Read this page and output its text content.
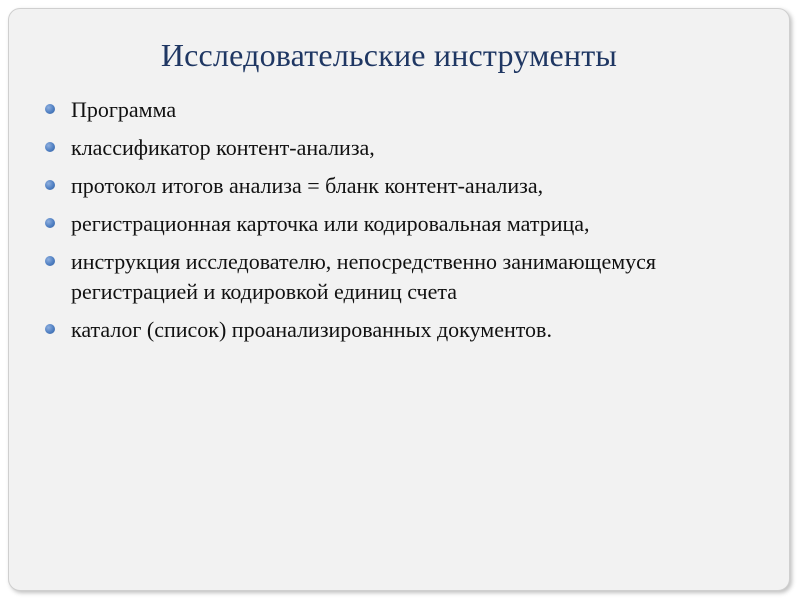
Исследовательские инструменты
Программа
классификатор контент-анализа,
протокол итогов анализа = бланк контент-анализа,
регистрационная карточка или кодировальная матрица,
инструкция исследователю, непосредственно занимающемуся регистрацией и кодировкой единиц счета
каталог (список) проанализированных документов.
